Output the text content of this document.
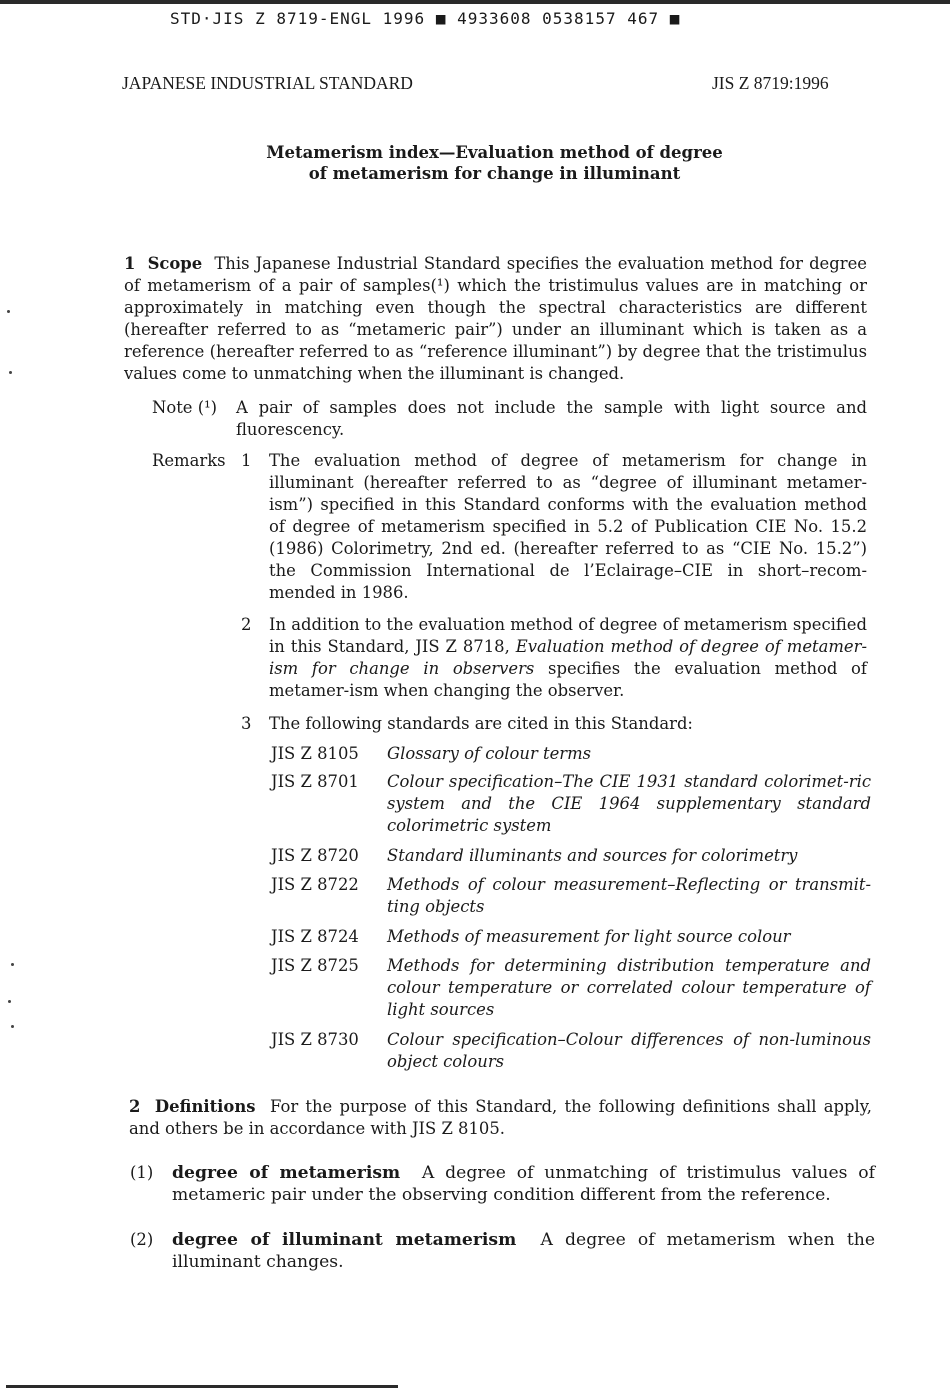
STD·JIS Z 8719-ENGL 1996 ■ 4933608 0538157 467 ■
JAPANESE INDUSTRIAL STANDARD	JIS Z 8719:1996
Metamerism index—Evaluation method of degree
of metamerism for change in illuminant
1 Scope This Japanese Industrial Standard specifies the evaluation method for degree of metamerism of a pair of samples(¹) which the tristimulus values are in matching or approximately in matching even though the spectral characteristics are different (hereafter referred to as “metameric pair”) under an illuminant which is taken as a reference (hereafter referred to as “reference illuminant”) by degree that the tristimulus values come to unmatching when the illuminant is changed.
Note (¹) A pair of samples does not include the sample with light source and fluorescency.
Remarks 1 The evaluation method of degree of metamerism for change in illuminant (hereafter referred to as “degree of illuminant metamer-ism”) specified in this Standard conforms with the evaluation method of degree of metamerism specified in 5.2 of Publication CIE No. 15.2 (1986) Colorimetry, 2nd ed. (hereafter referred to as “CIE No. 15.2”) the Commission International de l’Eclairage–CIE in short–recom-mended in 1986.
2 In addition to the evaluation method of degree of metamerism specified in this Standard, JIS Z 8718, Evaluation method of degree of metamer-ism for change in observers specifies the evaluation method of metamer-ism when changing the observer.
3 The following standards are cited in this Standard:
JIS Z 8105 Glossary of colour terms
JIS Z 8701 Colour specification–The CIE 1931 standard colorimet-ric system and the CIE 1964 supplementary standard colorimetric system
JIS Z 8720 Standard illuminants and sources for colorimetry
JIS Z 8722 Methods of colour measurement–Reflecting or transmit-ting objects
JIS Z 8724 Methods of measurement for light source colour
JIS Z 8725 Methods for determining distribution temperature and colour temperature or correlated colour temperature of light sources
JIS Z 8730 Colour specification–Colour differences of non-luminous object colours
2 Definitions For the purpose of this Standard, the following definitions shall apply, and others be in accordance with JIS Z 8105.
(1) degree of metamerism A degree of unmatching of tristimulus values of metameric pair under the observing condition different from the reference.
(2) degree of illuminant metamerism A degree of metamerism when the illuminant changes.
